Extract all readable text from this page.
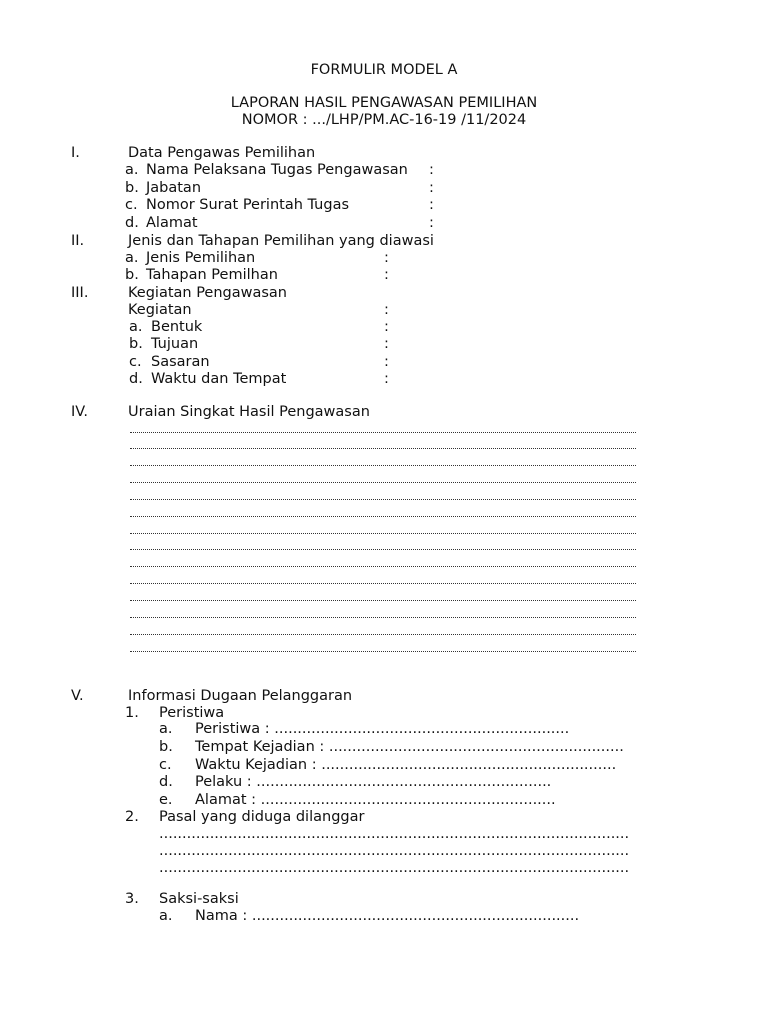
FORMULIR MODEL A
LAPORAN HASIL PENGAWASAN PEMILIHAN
NOMOR : .../LHP/PM.AC-16-19 /11/2024
I.	Data Pengawas Pemilihan
a. Nama Pelaksana Tugas Pengawasan :
b. Jabatan	:
c. Nomor Surat Perintah Tugas	:
d. Alamat	:
II.	Jenis dan Tahapan Pemilihan yang diawasi
a. Jenis Pemilihan	:
b. Tahapan Pemilhan	:
III.	Kegiatan Pengawasan
Kegiatan	:
a. Bentuk	:
b. Tujuan	:
c. Sasaran	:
d. Waktu dan Tempat	:
IV.	Uraian Singkat Hasil Pengawasan
V.	Informasi Dugaan Pelanggaran
1. Peristiwa
a. Peristiwa : ................................................................
b. Tempat Kejadian : ................................................................
c. Waktu Kejadian : ................................................................
d. Pelaku : ................................................................
e. Alamat : ................................................................
2. Pasal yang diduga dilanggar
......................................................................................................
......................................................................................................
......................................................................................................
3. Saksi-saksi
a. Nama : .......................................................................
